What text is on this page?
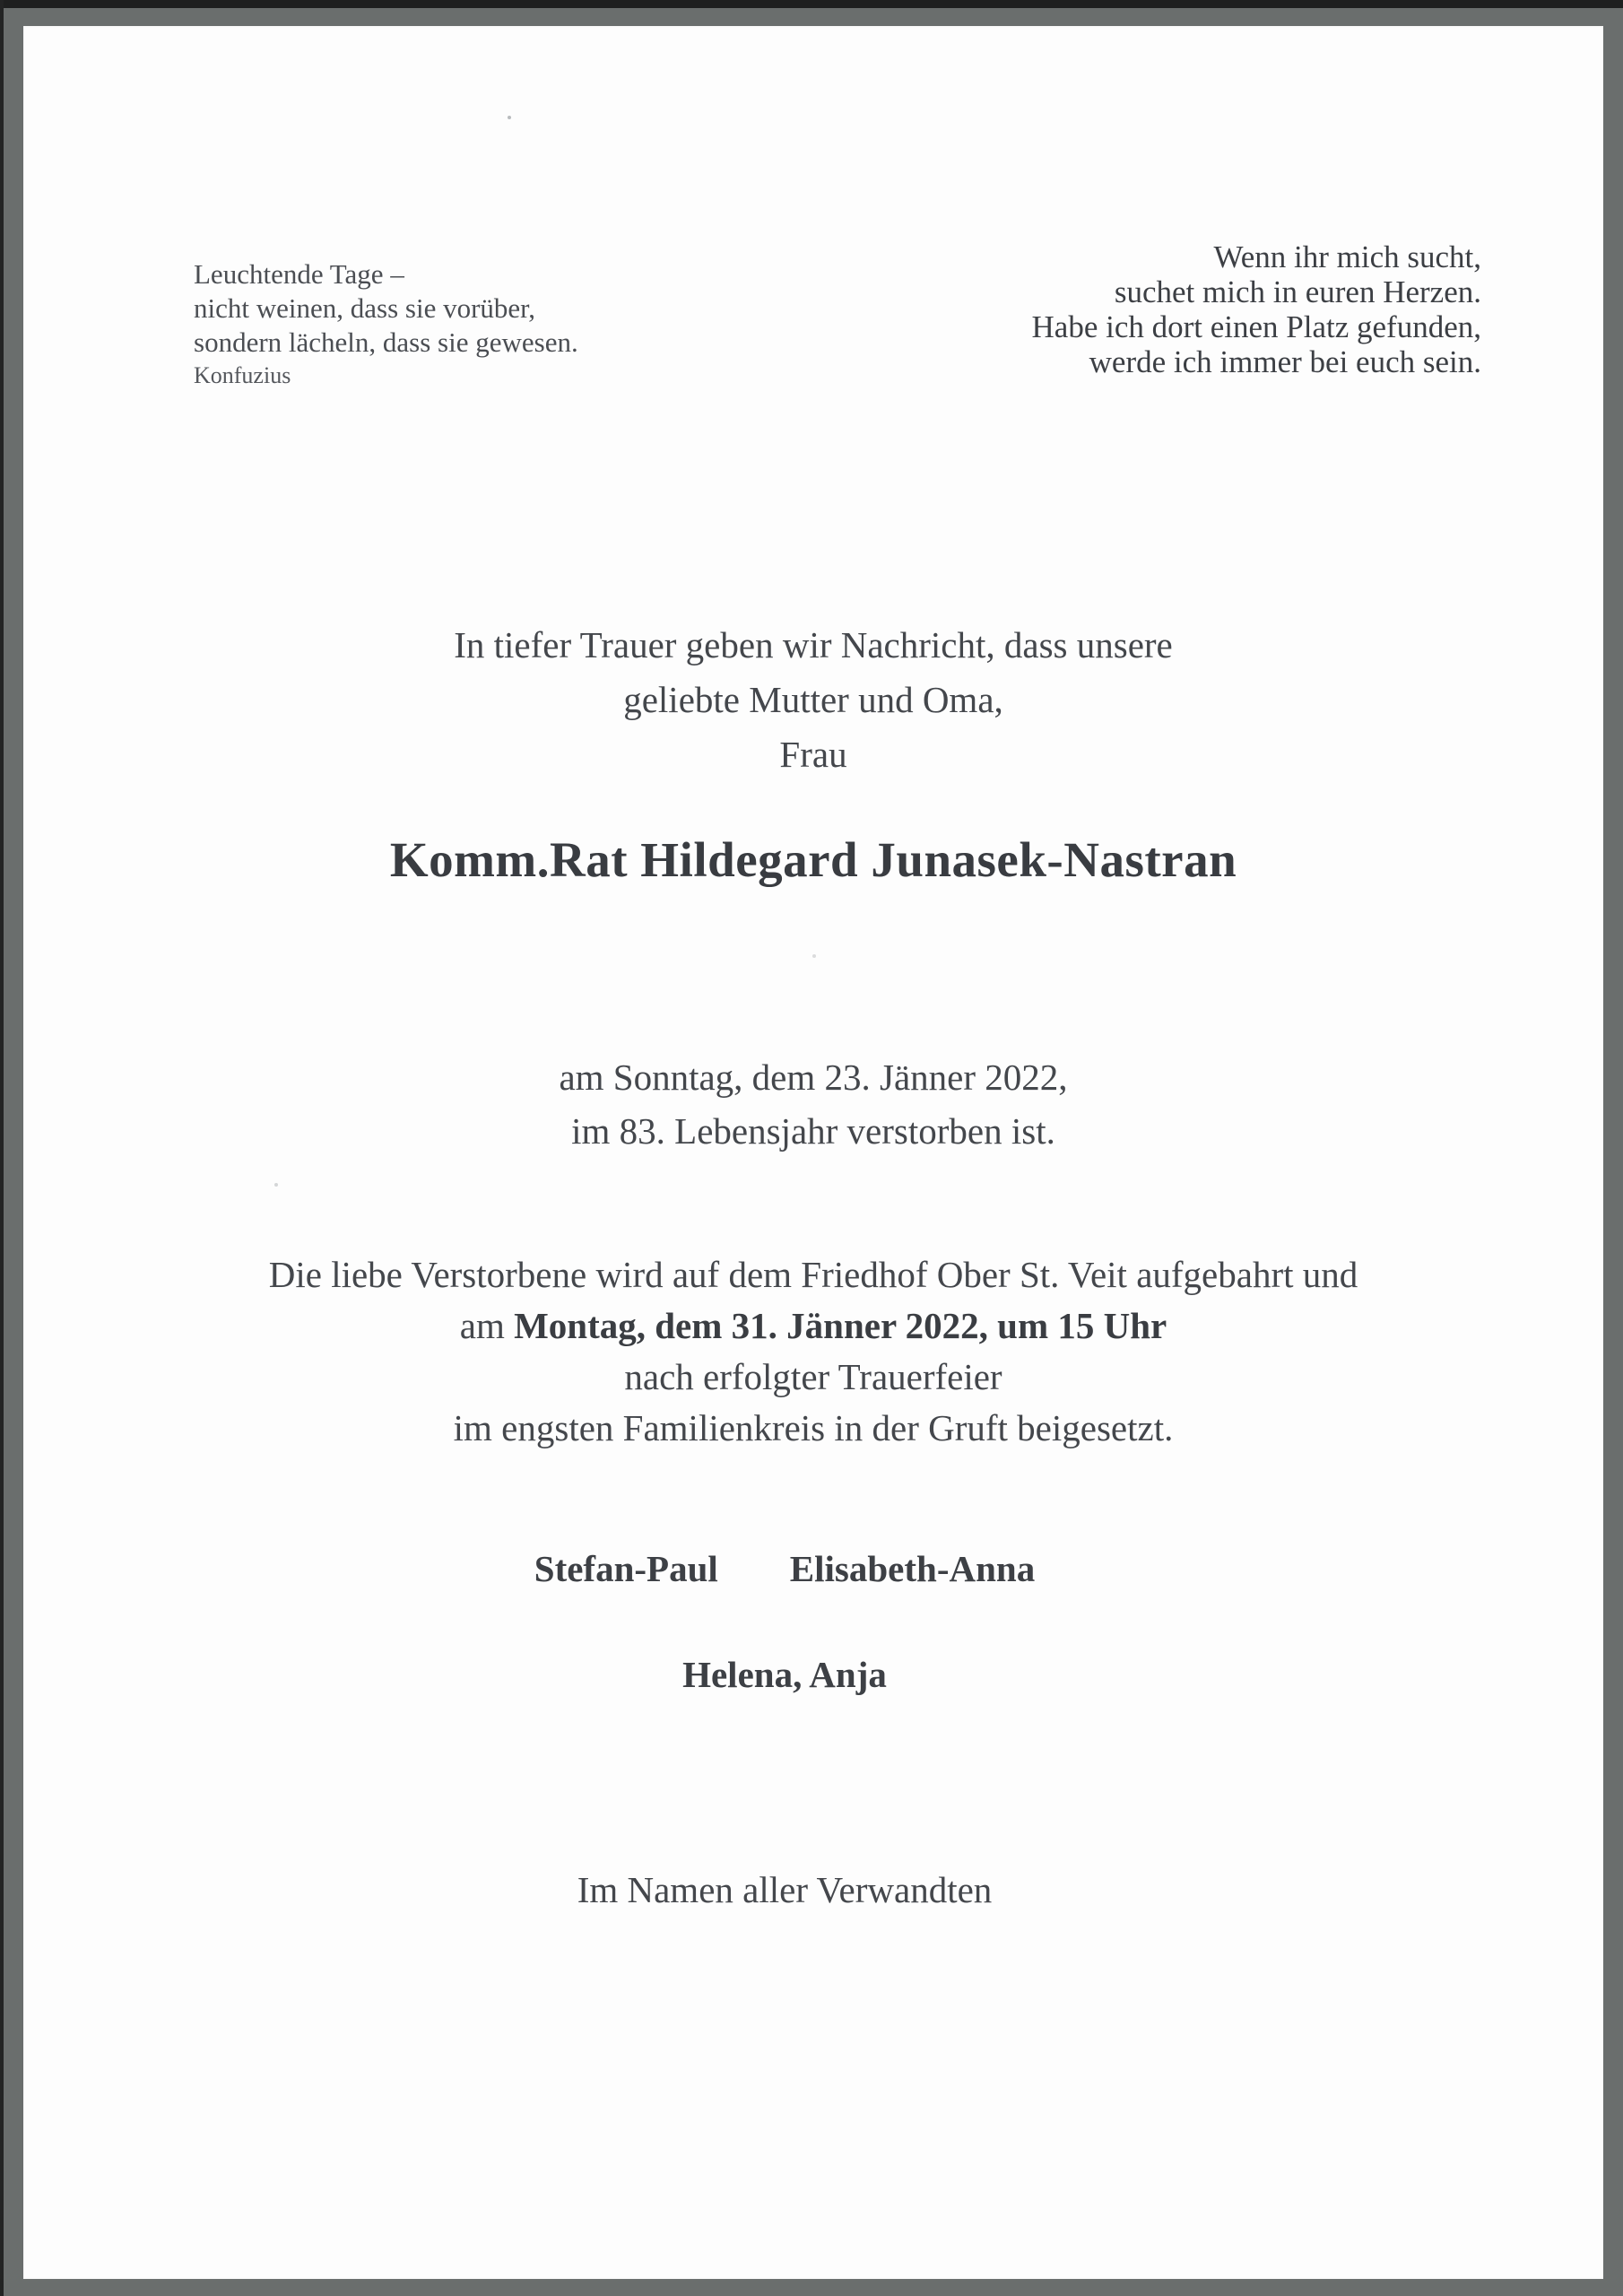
Leuchtende Tage –
nicht weinen, dass sie vorüber,
sondern lächeln, dass sie gewesen.
Konfuzius
Wenn ihr mich sucht,
suchet mich in euren Herzen.
Habe ich dort einen Platz gefunden,
werde ich immer bei euch sein.
In tiefer Trauer geben wir Nachricht, dass unsere
geliebte Mutter und Oma,
Frau
Komm.Rat Hildegard Junasek-Nastran
am Sonntag, dem 23. Jänner 2022,
im 83. Lebensjahr verstorben ist.
Die liebe Verstorbene wird auf dem Friedhof Ober St. Veit aufgebahrt und
am Montag, dem 31. Jänner 2022, um 15 Uhr
nach erfolgter Trauerfeier
im engsten Familienkreis in der Gruft beigesetzt.
Stefan-Paul Elisabeth-Anna
Helena, Anja
Im Namen aller Verwandten
